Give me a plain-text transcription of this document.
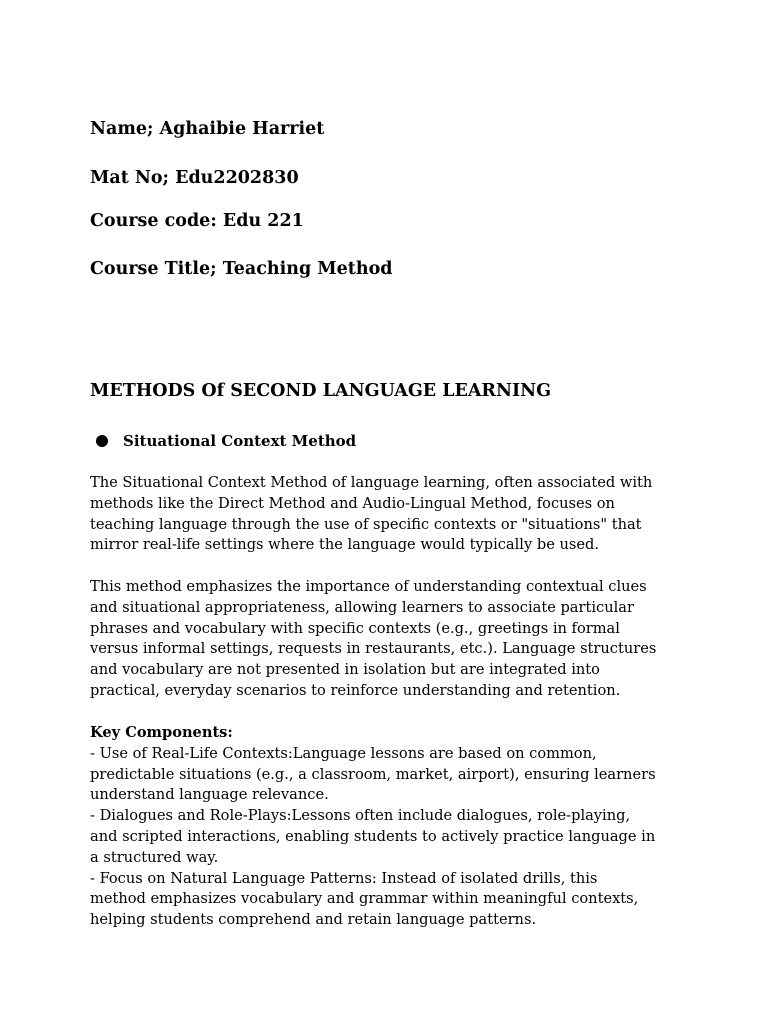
Name; Aghaibie Harriet
Mat No; Edu2202830
Course code: Edu 221
Course Title; Teaching Method
METHODS Of SECOND LANGUAGE LEARNING
Situational Context Method
The Situational Context Method of language learning, often associated with
methods like the Direct Method and Audio-Lingual Method, focuses on
teaching language through the use of specific contexts or "situations" that
mirror real-life settings where the language would typically be used.
This method emphasizes the importance of understanding contextual clues
and situational appropriateness, allowing learners to associate particular
phrases and vocabulary with specific contexts (e.g., greetings in formal
versus informal settings, requests in restaurants, etc.). Language structures
and vocabulary are not presented in isolation but are integrated into
practical, everyday scenarios to reinforce understanding and retention.
Key Components:
- Use of Real-Life Contexts:Language lessons are based on common,
predictable situations (e.g., a classroom, market, airport), ensuring learners
understand language relevance.
- Dialogues and Role-Plays:Lessons often include dialogues, role-playing,
and scripted interactions, enabling students to actively practice language in
a structured way.
- Focus on Natural Language Patterns: Instead of isolated drills, this
method emphasizes vocabulary and grammar within meaningful contexts,
helping students comprehend and retain language patterns.
